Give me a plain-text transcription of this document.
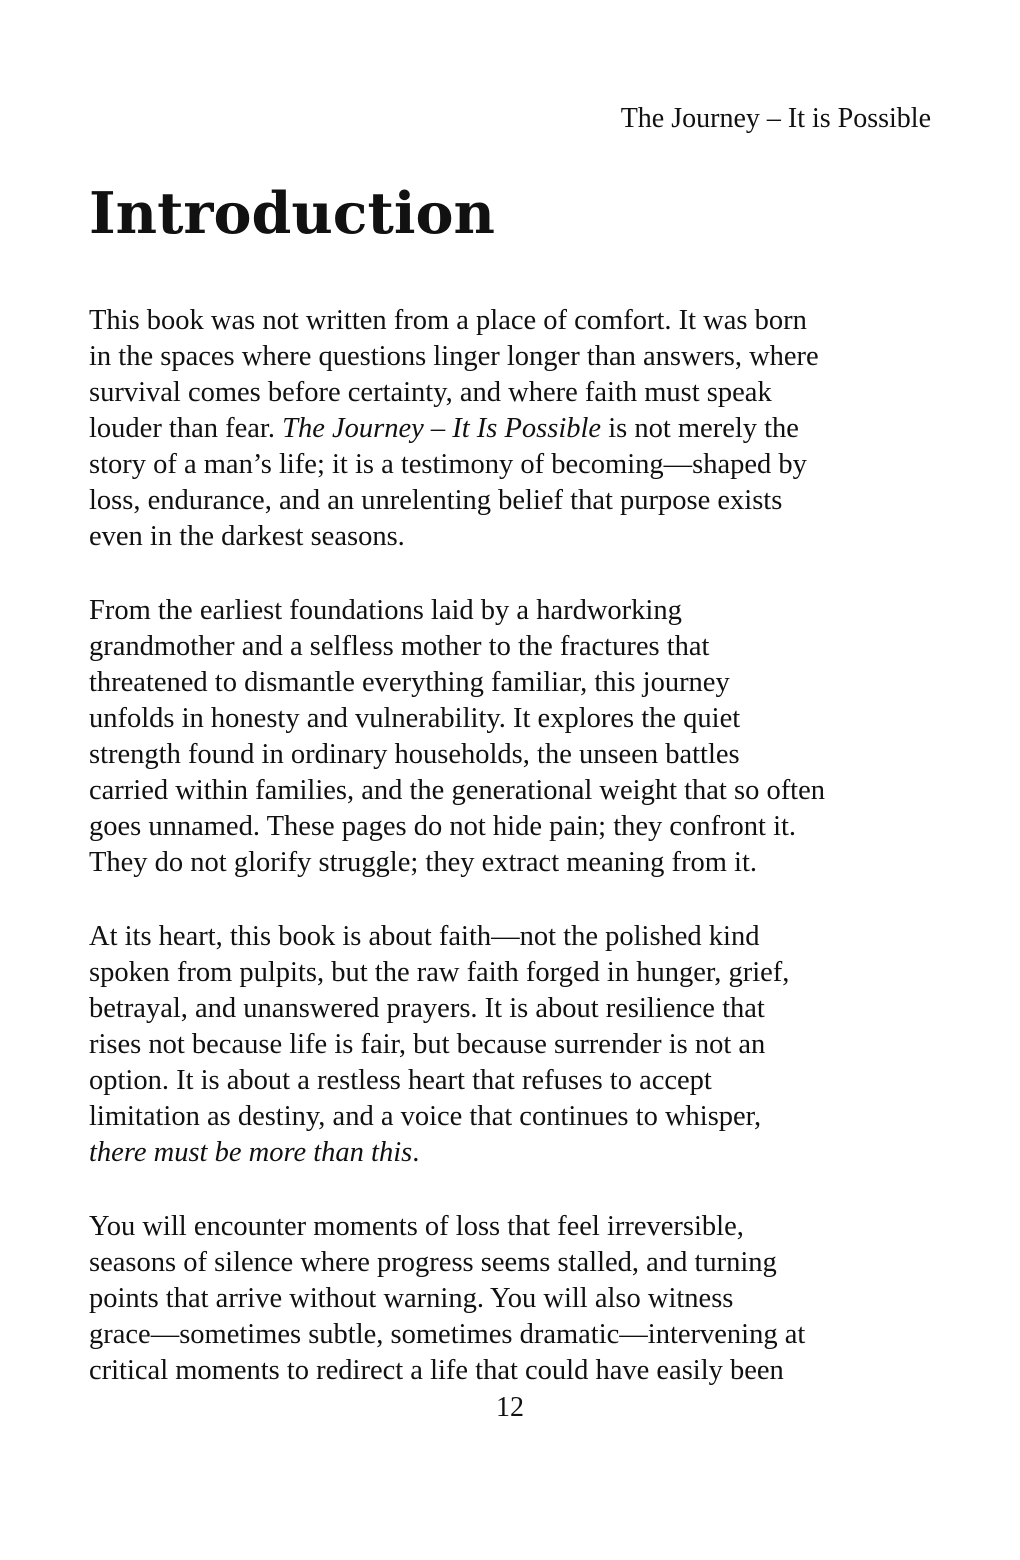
The Journey – It is Possible
Introduction
This book was not written from a place of comfort. It was born
in the spaces where questions linger longer than answers, where
survival comes before certainty, and where faith must speak
louder than fear. The Journey – It Is Possible is not merely the
story of a man’s life; it is a testimony of becoming—shaped by
loss, endurance, and an unrelenting belief that purpose exists
even in the darkest seasons.
From the earliest foundations laid by a hardworking
grandmother and a selfless mother to the fractures that
threatened to dismantle everything familiar, this journey
unfolds in honesty and vulnerability. It explores the quiet
strength found in ordinary households, the unseen battles
carried within families, and the generational weight that so often
goes unnamed. These pages do not hide pain; they confront it.
They do not glorify struggle; they extract meaning from it.
At its heart, this book is about faith—not the polished kind
spoken from pulpits, but the raw faith forged in hunger, grief,
betrayal, and unanswered prayers. It is about resilience that
rises not because life is fair, but because surrender is not an
option. It is about a restless heart that refuses to accept
limitation as destiny, and a voice that continues to whisper,
there must be more than this.
You will encounter moments of loss that feel irreversible,
seasons of silence where progress seems stalled, and turning
points that arrive without warning. You will also witness
grace—sometimes subtle, sometimes dramatic—intervening at
critical moments to redirect a life that could have easily been
12
